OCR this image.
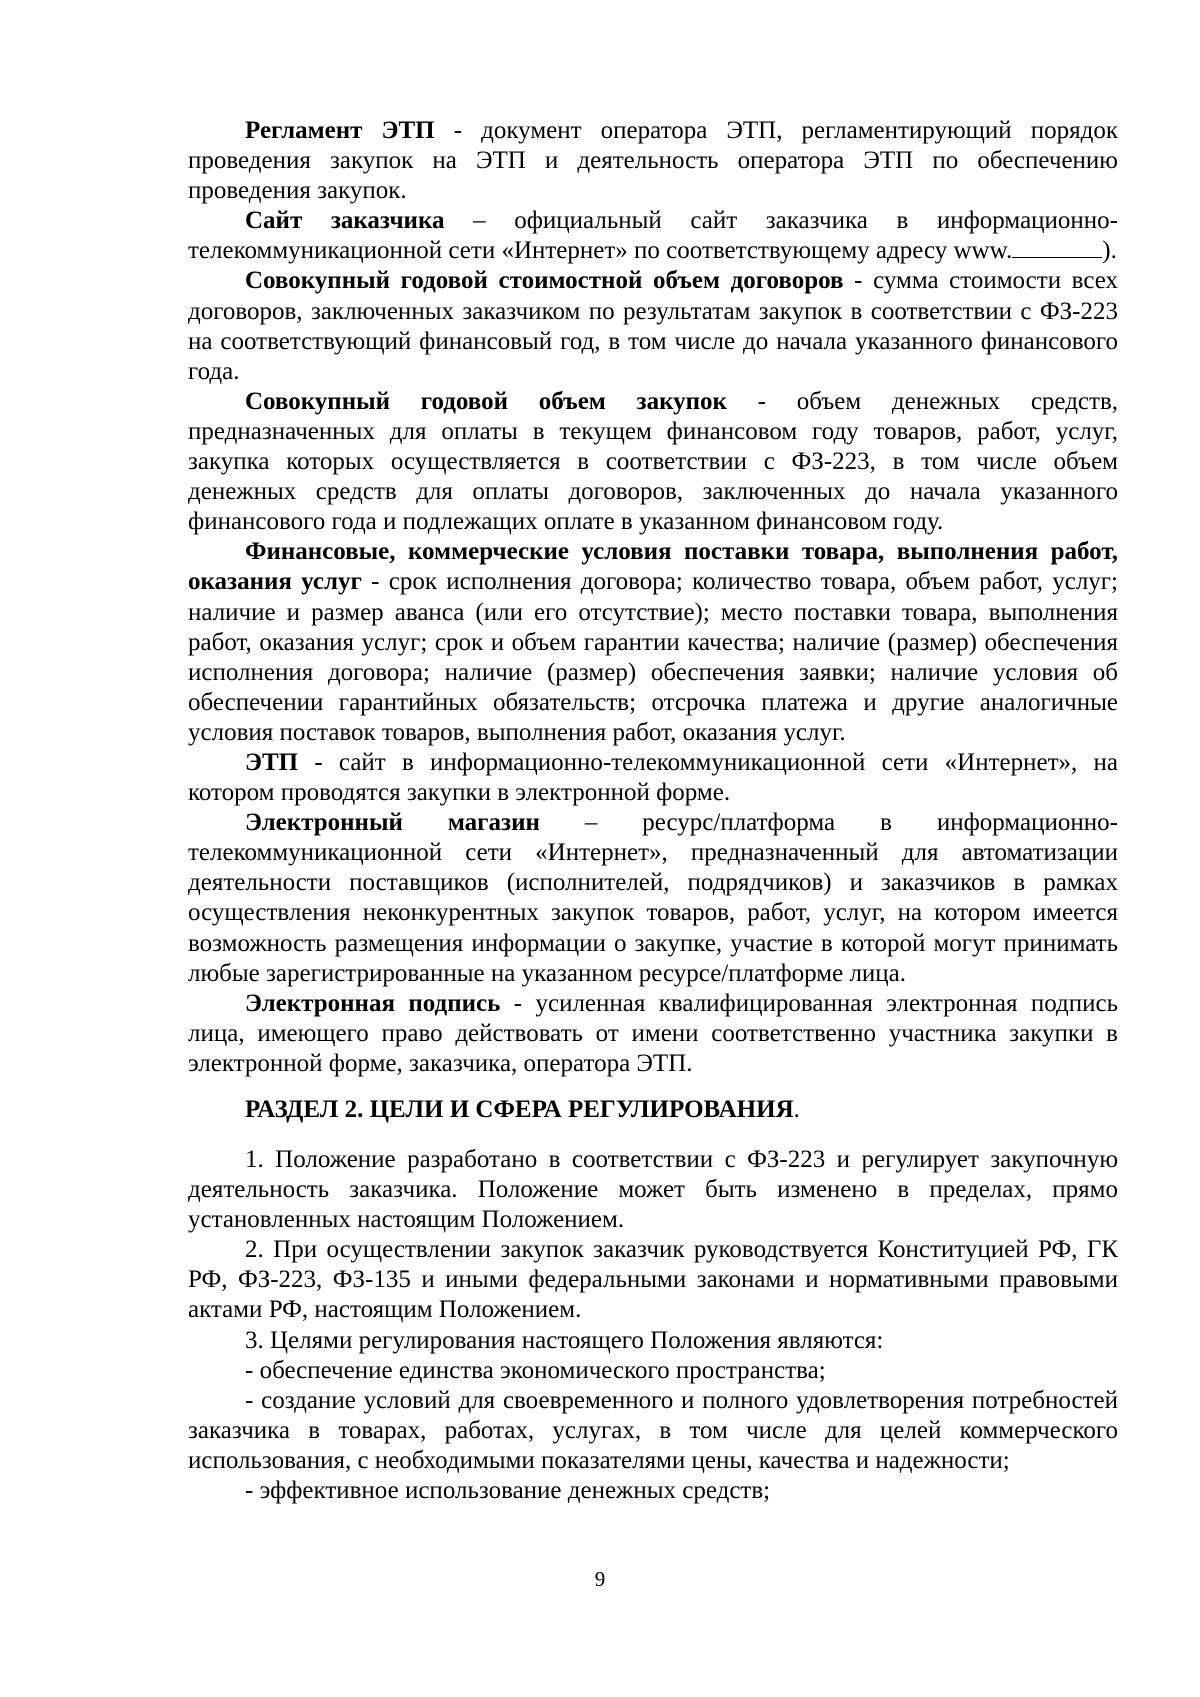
Регламент ЭТП - документ оператора ЭТП, регламентирующий порядок проведения закупок на ЭТП и деятельность оператора ЭТП по обеспечению проведения закупок.

Сайт заказчика – официальный сайт заказчика в информационно-телекоммуникационной сети «Интернет» по соответствующему адресу www.	).

Совокупный годовой стоимостной объем договоров - сумма стоимости всех договоров, заключенных заказчиком по результатам закупок в соответствии с ФЗ-223 на соответствующий финансовый год, в том числе до начала указанного финансового года.

Совокупный годовой объем закупок - объем денежных средств, предназначенных для оплаты в текущем финансовом году товаров, работ, услуг, закупка которых осуществляется в соответствии с ФЗ-223, в том числе объем денежных средств для оплаты договоров, заключенных до начала указанного финансового года и подлежащих оплате в указанном финансовом году.

Финансовые, коммерческие условия поставки товара, выполнения работ, оказания услуг - срок исполнения договора; количество товара, объем работ, услуг; наличие и размер аванса (или его отсутствие); место поставки товара, выполнения работ, оказания услуг; срок и объем гарантии качества; наличие (размер) обеспечения исполнения договора; наличие (размер) обеспечения заявки; наличие условия об обеспечении гарантийных обязательств; отсрочка платежа и другие аналогичные условия поставок товаров, выполнения работ, оказания услуг.

ЭТП - сайт в информационно-телекоммуникационной сети «Интернет», на котором проводятся закупки в электронной форме.

Электронный магазин – ресурс/платформа в информационно-телекоммуникационной сети «Интернет», предназначенный для автоматизации деятельности поставщиков (исполнителей, подрядчиков) и заказчиков в рамках осуществления неконкурентных закупок товаров, работ, услуг, на котором имеется возможность размещения информации о закупке, участие в которой могут принимать любые зарегистрированные на указанном ресурсе/платформе лица.

Электронная подпись - усиленная квалифицированная электронная подпись лица, имеющего право действовать от имени соответственно участника закупки в электронной форме, заказчика, оператора ЭТП.

РАЗДЕЛ 2. ЦЕЛИ И СФЕРА РЕГУЛИРОВАНИЯ.

1. Положение разработано в соответствии с ФЗ-223 и регулирует закупочную деятельность заказчика. Положение может быть изменено в пределах, прямо установленных настоящим Положением.

2. При осуществлении закупок заказчик руководствуется Конституцией РФ, ГК РФ, ФЗ-223, ФЗ-135 и иными федеральными законами и нормативными правовыми актами РФ, настоящим Положением.

3. Целями регулирования настоящего Положения являются:

- обеспечение единства экономического пространства;

- создание условий для своевременного и полного удовлетворения потребностей заказчика в товарах, работах, услугах, в том числе для целей коммерческого использования, с необходимыми показателями цены, качества и надежности;

- эффективное использование денежных средств;

9
